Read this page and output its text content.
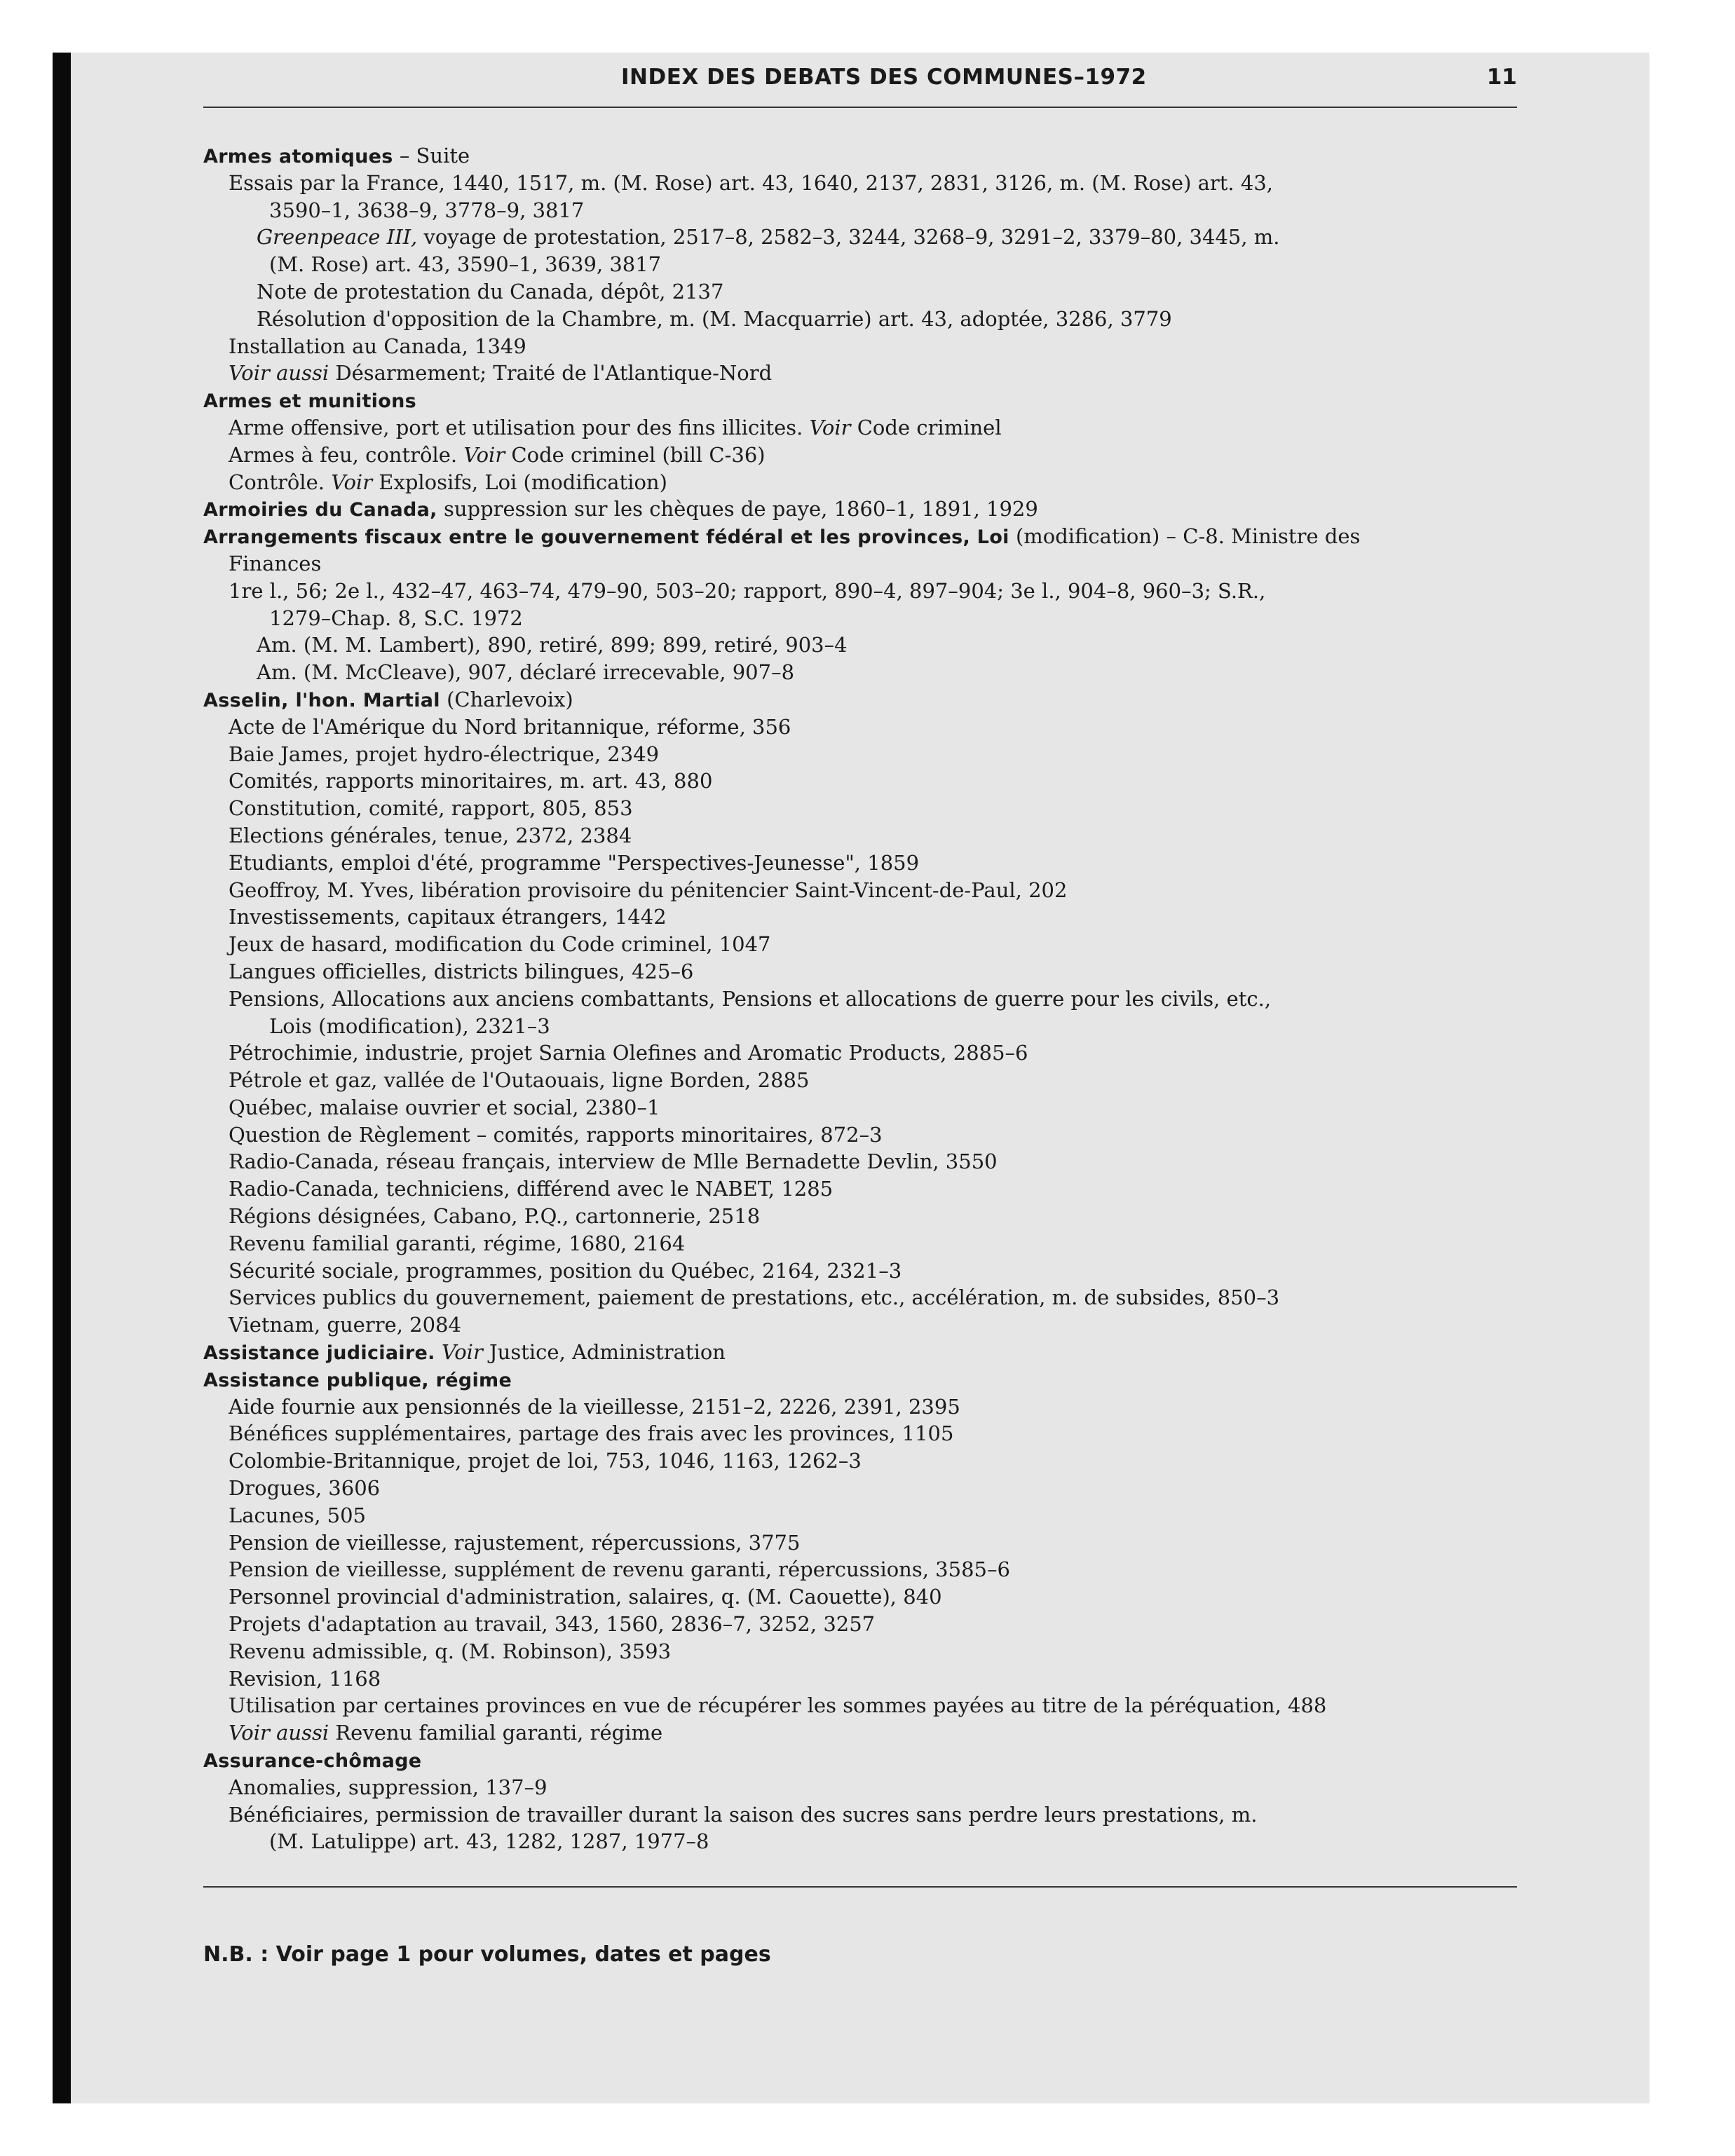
INDEX DES DEBATS DES COMMUNES–1972	11
Armes atomiques – Suite
Essais par la France, 1440, 1517, m. (M. Rose) art. 43, 1640, 2137, 2831, 3126, m. (M. Rose) art. 43,
3590–1, 3638–9, 3778–9, 3817
Greenpeace III, voyage de protestation, 2517–8, 2582–3, 3244, 3268–9, 3291–2, 3379–80, 3445, m.
(M. Rose) art. 43, 3590–1, 3639, 3817
Note de protestation du Canada, dépôt, 2137
Résolution d'opposition de la Chambre, m. (M. Macquarrie) art. 43, adoptée, 3286, 3779
Installation au Canada, 1349
Voir aussi Désarmement; Traité de l'Atlantique-Nord
Armes et munitions
Arme offensive, port et utilisation pour des fins illicites. Voir Code criminel
Armes à feu, contrôle. Voir Code criminel (bill C-36)
Contrôle. Voir Explosifs, Loi (modification)
Armoiries du Canada, suppression sur les chèques de paye, 1860–1, 1891, 1929
Arrangements fiscaux entre le gouvernement fédéral et les provinces, Loi (modification) – C-8. Ministre des
Finances
1re l., 56; 2e l., 432–47, 463–74, 479–90, 503–20; rapport, 890–4, 897–904; 3e l., 904–8, 960–3; S.R.,
1279–Chap. 8, S.C. 1972
Am. (M. M. Lambert), 890, retiré, 899; 899, retiré, 903–4
Am. (M. McCleave), 907, déclaré irrecevable, 907–8
Asselin, l'hon. Martial (Charlevoix)
Acte de l'Amérique du Nord britannique, réforme, 356
Baie James, projet hydro-électrique, 2349
Comités, rapports minoritaires, m. art. 43, 880
Constitution, comité, rapport, 805, 853
Elections générales, tenue, 2372, 2384
Etudiants, emploi d'été, programme "Perspectives-Jeunesse", 1859
Geoffroy, M. Yves, libération provisoire du pénitencier Saint-Vincent-de-Paul, 202
Investissements, capitaux étrangers, 1442
Jeux de hasard, modification du Code criminel, 1047
Langues officielles, districts bilingues, 425–6
Pensions, Allocations aux anciens combattants, Pensions et allocations de guerre pour les civils, etc.,
Lois (modification), 2321–3
Pétrochimie, industrie, projet Sarnia Olefines and Aromatic Products, 2885–6
Pétrole et gaz, vallée de l'Outaouais, ligne Borden, 2885
Québec, malaise ouvrier et social, 2380–1
Question de Règlement – comités, rapports minoritaires, 872–3
Radio-Canada, réseau français, interview de Mlle Bernadette Devlin, 3550
Radio-Canada, techniciens, différend avec le NABET, 1285
Régions désignées, Cabano, P.Q., cartonnerie, 2518
Revenu familial garanti, régime, 1680, 2164
Sécurité sociale, programmes, position du Québec, 2164, 2321–3
Services publics du gouvernement, paiement de prestations, etc., accélération, m. de subsides, 850–3
Vietnam, guerre, 2084
Assistance judiciaire. Voir Justice, Administration
Assistance publique, régime
Aide fournie aux pensionnés de la vieillesse, 2151–2, 2226, 2391, 2395
Bénéfices supplémentaires, partage des frais avec les provinces, 1105
Colombie-Britannique, projet de loi, 753, 1046, 1163, 1262–3
Drogues, 3606
Lacunes, 505
Pension de vieillesse, rajustement, répercussions, 3775
Pension de vieillesse, supplément de revenu garanti, répercussions, 3585–6
Personnel provincial d'administration, salaires, q. (M. Caouette), 840
Projets d'adaptation au travail, 343, 1560, 2836–7, 3252, 3257
Revenu admissible, q. (M. Robinson), 3593
Revision, 1168
Utilisation par certaines provinces en vue de récupérer les sommes payées au titre de la péréquation, 488
Voir aussi Revenu familial garanti, régime
Assurance-chômage
Anomalies, suppression, 137–9
Bénéficiaires, permission de travailler durant la saison des sucres sans perdre leurs prestations, m.
(M. Latulippe) art. 43, 1282, 1287, 1977–8
N.B. : Voir page 1 pour volumes, dates et pages
